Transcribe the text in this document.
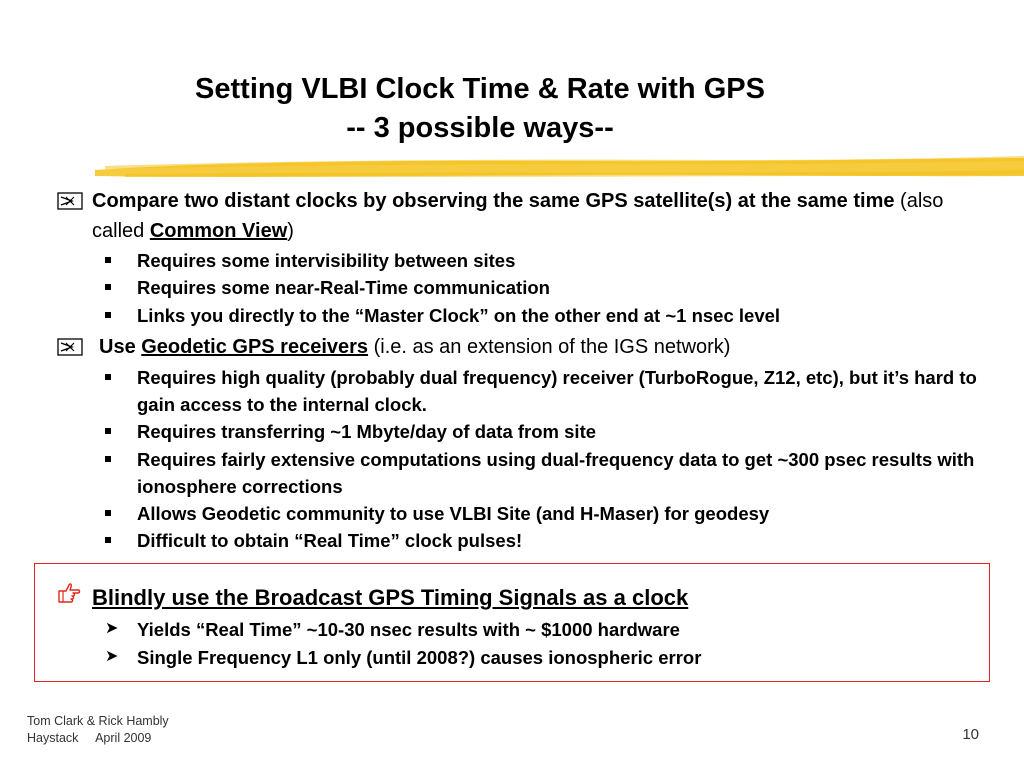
Setting VLBI Clock Time & Rate with GPS
-- 3 possible ways--
Compare two distant clocks by observing the same GPS satellite(s) at the same time (also called Common View)
Requires some intervisibility between sites
Requires some near-Real-Time communication
Links you directly to the “Master Clock” on the other end at ~1 nsec level
Use Geodetic GPS receivers (i.e. as an extension of the IGS network)
Requires high quality (probably dual frequency) receiver (TurboRogue, Z12, etc), but it’s hard to gain access to the internal clock.
Requires transferring ~1 Mbyte/day of data from site
Requires fairly extensive computations using dual-frequency data to get ~300 psec results with ionosphere corrections
Allows Geodetic community to use VLBI Site (and H-Maser) for geodesy
Difficult to obtain “Real Time” clock pulses!
Blindly use the Broadcast GPS Timing Signals as a clock
➤ Yields “Real Time” ~10-30 nsec results with ~ $1000 hardware
➤ Single Frequency L1 only (until 2008?) causes ionospheric error
Tom Clark & Rick Hambly
Haystack April 2009	10
